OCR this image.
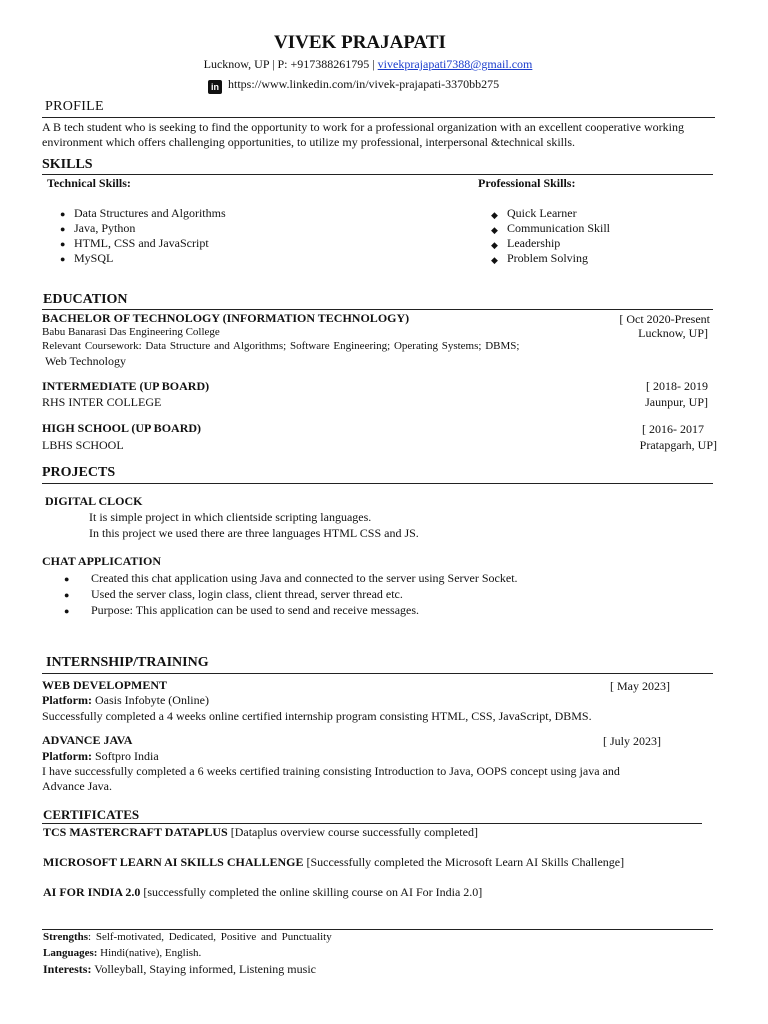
VIVEK PRAJAPATI
Lucknow, UP | P: +917388261795 | vivekprajapati7388@gmail.com
in https://www.linkedin.com/in/vivek-prajapati-3370bb275
PROFILE
A B tech student who is seeking to find the opportunity to work for a professional organization with an excellent cooperative working
environment which offers challenging opportunities, to utilize my professional, interpersonal &technical skills.
SKILLS
Technical Skills:	Professional Skills:
● Data Structures and Algorithms
● Java, Python
● HTML, CSS and JavaScript
● MySQL
◆ Quick Learner
◆ Communication Skill
◆ Leadership
◆ Problem Solving
EDUCATION
BACHELOR OF TECHNOLOGY (INFORMATION TECHNOLOGY)	[ Oct 2020-Present
Babu Banarasi Das Engineering College	Lucknow, UP]
Relevant Coursework: Data Structure and Algorithms; Software Engineering; Operating Systems; DBMS;
Web Technology
INTERMEDIATE (UP BOARD)	[ 2018- 2019
RHS INTER COLLEGE	Jaunpur, UP]
HIGH SCHOOL (UP BOARD)	[ 2016- 2017
LBHS SCHOOL	Pratapgarh, UP]
PROJECTS
DIGITAL CLOCK
It is simple project in which clientside scripting languages.
In this project we used there are three languages HTML CSS and JS.
CHAT APPLICATION
● Created this chat application using Java and connected to the server using Server Socket.
● Used the server class, login class, client thread, server thread etc.
● Purpose: This application can be used to send and receive messages.
INTERNSHIP/TRAINING
WEB DEVELOPMENT	[ May 2023]
Platform: Oasis Infobyte (Online)
Successfully completed a 4 weeks online certified internship program consisting HTML, CSS, JavaScript, DBMS.
ADVANCE JAVA	[ July 2023]
Platform: Softpro India
I have successfully completed a 6 weeks certified training consisting Introduction to Java, OOPS concept using java and
Advance Java.
CERTIFICATES
TCS MASTERCRAFT DATAPLUS [Dataplus overview course successfully completed]
MICROSOFT LEARN AI SKILLS CHALLENGE [Successfully completed the Microsoft Learn AI Skills Challenge]
AI FOR INDIA 2.0 [successfully completed the online skilling course on AI For India 2.0]
Strengths: Self-motivated, Dedicated, Positive and Punctuality
Languages: Hindi(native), English.
Interests: Volleyball, Staying informed, Listening music
